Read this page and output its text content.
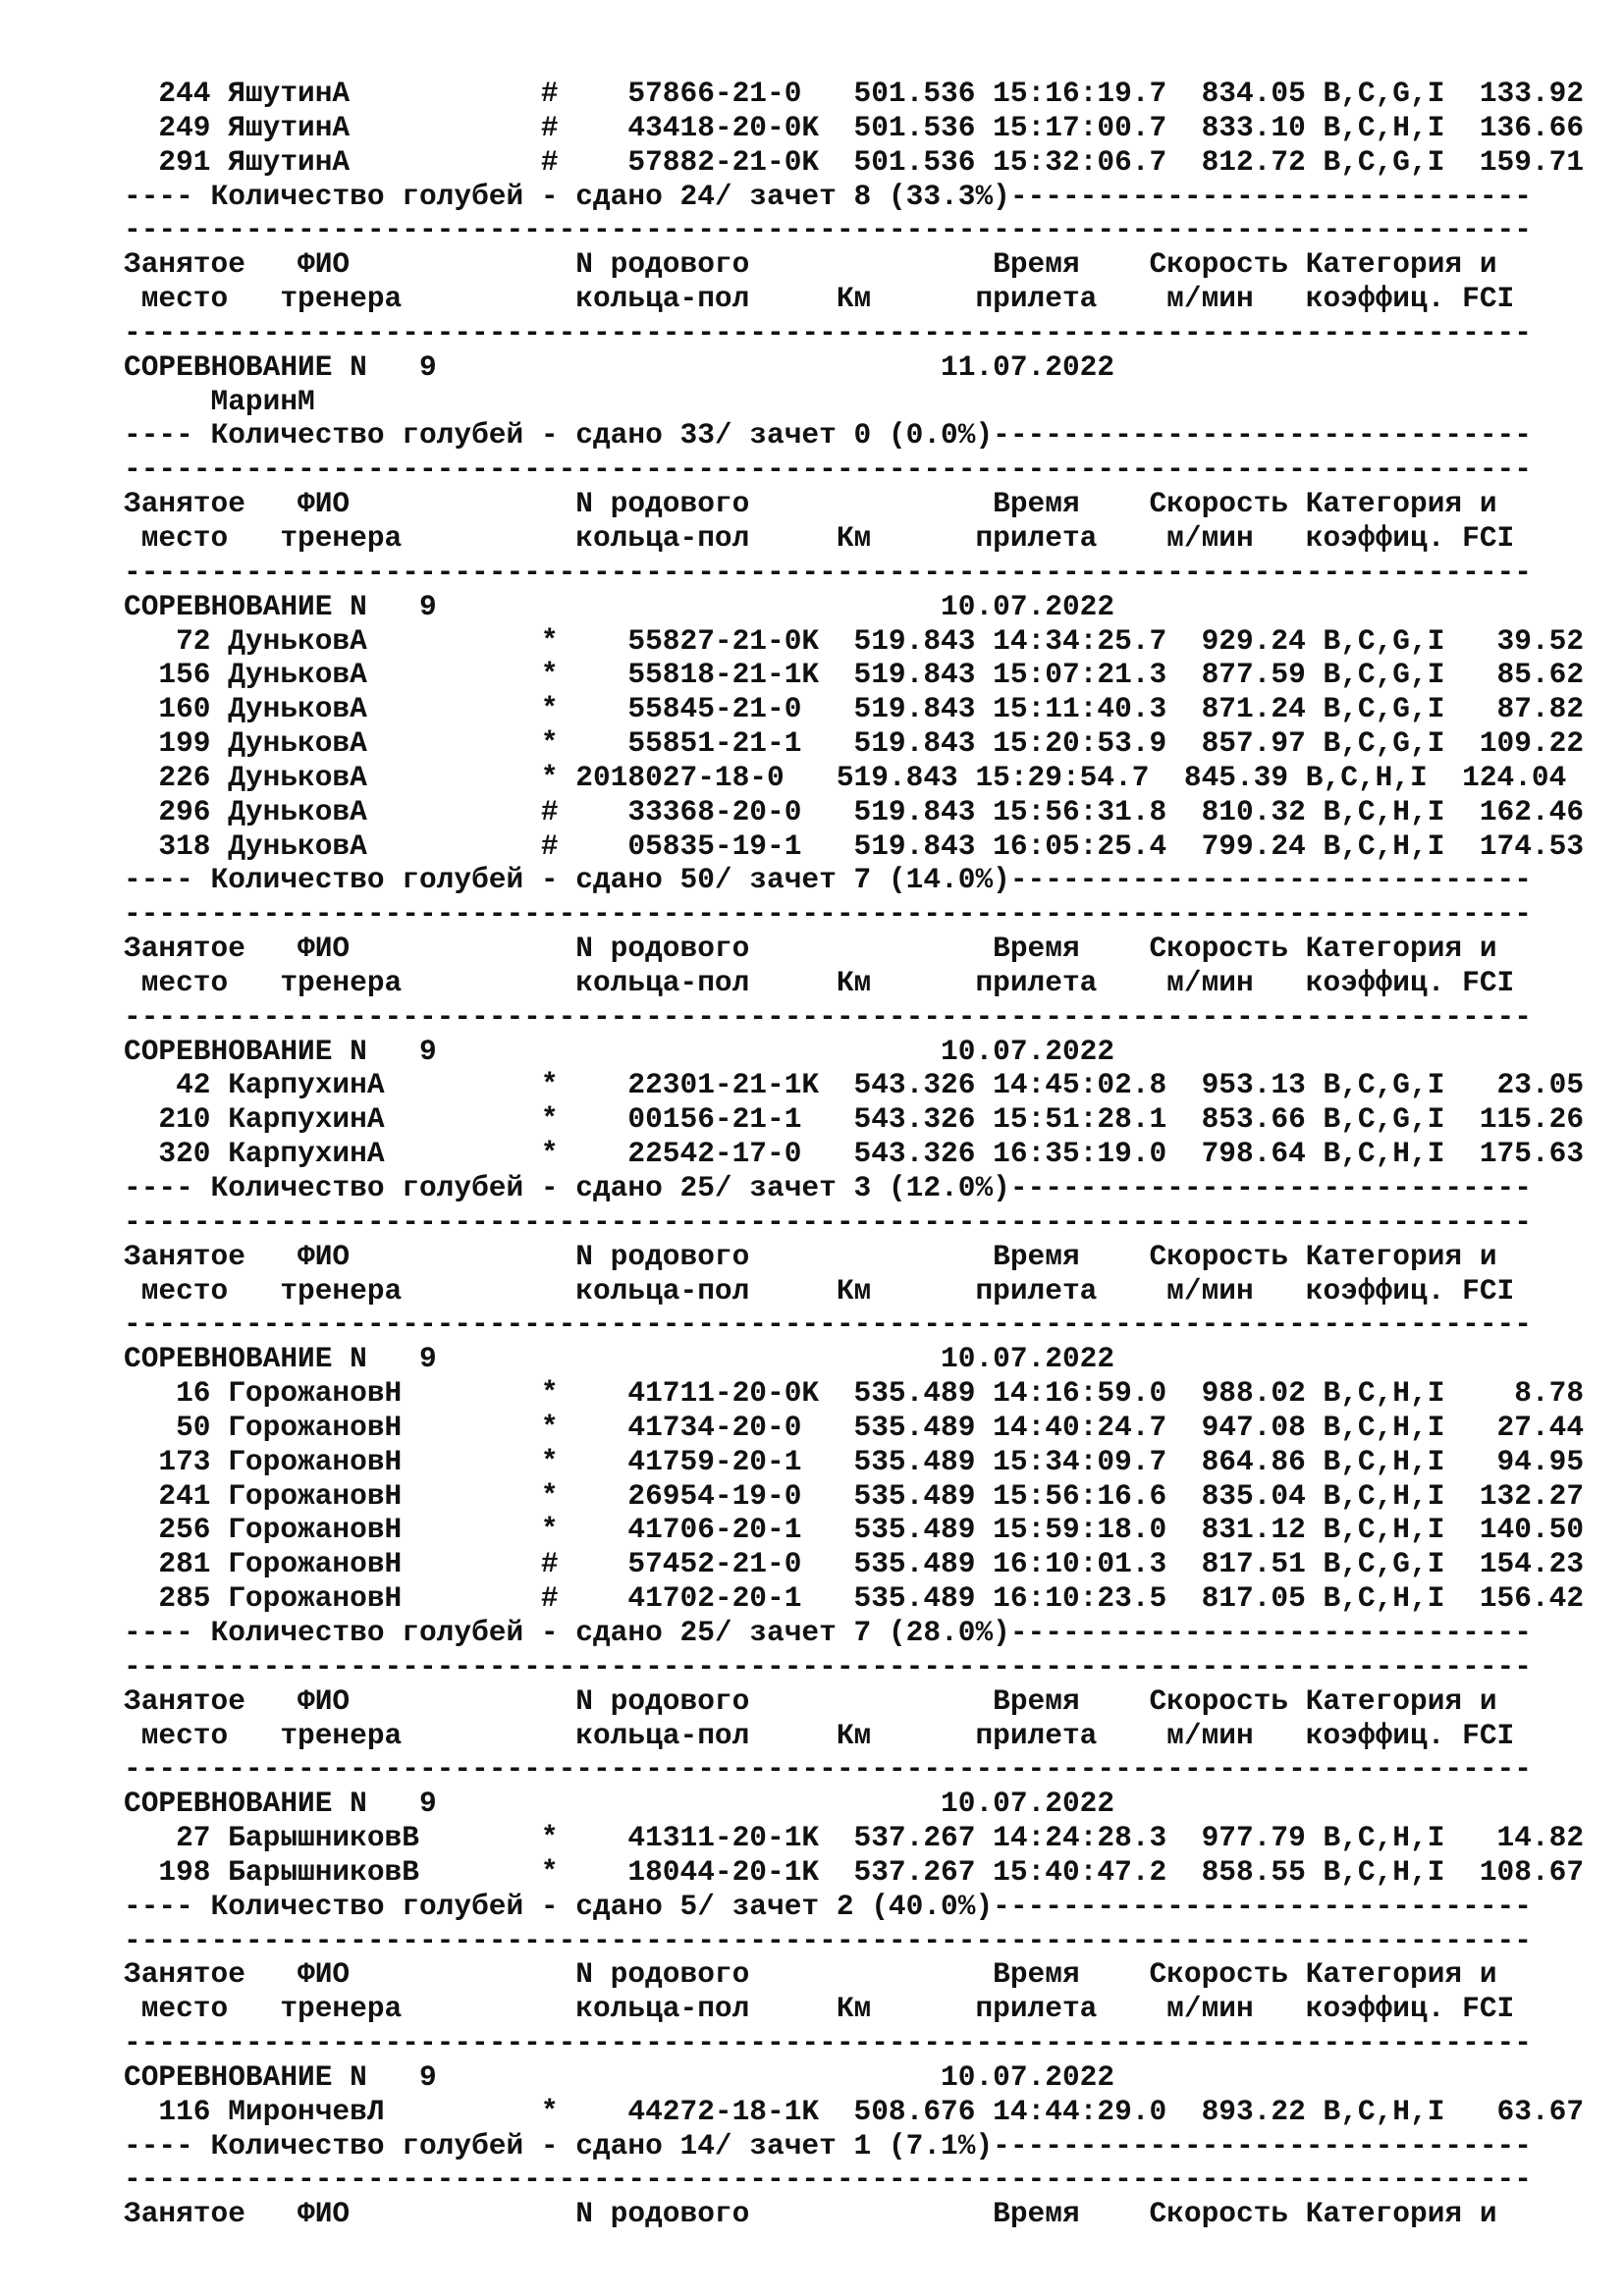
244 ЯшутинА           #    57866-21-0   501.536 15:16:19.7  834.05 B,C,G,I  133.92
249 ЯшутинА           #    43418-20-0K  501.536 15:17:00.7  833.10 B,C,H,I  136.66
291 ЯшутинА           #    57882-21-0K  501.536 15:32:06.7  812.72 B,C,G,I  159.71
---- Количество голубей - сдано 24/ зачет 8 (33.3%)------------------------------
---------------------------------------------------------------------------------
Занятое   ФИО             N родового              Время    Скорость Категория и
место   тренера          кольца-пол     Км      прилета    м/мин   коэффиц. FCI
---------------------------------------------------------------------------------
СОРЕВНОВАНИЕ N   9                             11.07.2022
МаринМ
---- Количество голубей - сдано 33/ зачет 0 (0.0%)-------------------------------
---------------------------------------------------------------------------------
Занятое   ФИО             N родового              Время    Скорость Категория и
место   тренера          кольца-пол     Км      прилета    м/мин   коэффиц. FCI
---------------------------------------------------------------------------------
СОРЕВНОВАНИЕ N   9                             10.07.2022
72 ДуньковА          *    55827-21-0K  519.843 14:34:25.7  929.24 B,C,G,I   39.52
156 ДуньковА          *    55818-21-1K  519.843 15:07:21.3  877.59 B,C,G,I   85.62
160 ДуньковА          *    55845-21-0   519.843 15:11:40.3  871.24 B,C,G,I   87.82
199 ДуньковА          *    55851-21-1   519.843 15:20:53.9  857.97 B,C,G,I  109.22
226 ДуньковА          * 2018027-18-0   519.843 15:29:54.7  845.39 B,C,H,I  124.04
296 ДуньковА          #    33368-20-0   519.843 15:56:31.8  810.32 B,C,H,I  162.46
318 ДуньковА          #    05835-19-1   519.843 16:05:25.4  799.24 B,C,H,I  174.53
---- Количество голубей - сдано 50/ зачет 7 (14.0%)------------------------------
---------------------------------------------------------------------------------
Занятое   ФИО             N родового              Время    Скорость Категория и
место   тренера          кольца-пол     Км      прилета    м/мин   коэффиц. FCI
---------------------------------------------------------------------------------
СОРЕВНОВАНИЕ N   9                             10.07.2022
42 КарпухинА         *    22301-21-1K  543.326 14:45:02.8  953.13 B,C,G,I   23.05
210 КарпухинА         *    00156-21-1   543.326 15:51:28.1  853.66 B,C,G,I  115.26
320 КарпухинА         *    22542-17-0   543.326 16:35:19.0  798.64 B,C,H,I  175.63
---- Количество голубей - сдано 25/ зачет 3 (12.0%)------------------------------
---------------------------------------------------------------------------------
Занятое   ФИО             N родового              Время    Скорость Категория и
место   тренера          кольца-пол     Км      прилета    м/мин   коэффиц. FCI
---------------------------------------------------------------------------------
СОРЕВНОВАНИЕ N   9                             10.07.2022
16 ГорожановН        *    41711-20-0K  535.489 14:16:59.0  988.02 B,C,H,I    8.78
50 ГорожановН        *    41734-20-0   535.489 14:40:24.7  947.08 B,C,H,I   27.44
173 ГорожановН        *    41759-20-1   535.489 15:34:09.7  864.86 B,C,H,I   94.95
241 ГорожановН        *    26954-19-0   535.489 15:56:16.6  835.04 B,C,H,I  132.27
256 ГорожановН        *    41706-20-1   535.489 15:59:18.0  831.12 B,C,H,I  140.50
281 ГорожановН        #    57452-21-0   535.489 16:10:01.3  817.51 B,C,G,I  154.23
285 ГорожановН        #    41702-20-1   535.489 16:10:23.5  817.05 B,C,H,I  156.42
---- Количество голубей - сдано 25/ зачет 7 (28.0%)------------------------------
---------------------------------------------------------------------------------
Занятое   ФИО             N родового              Время    Скорость Категория и
место   тренера          кольца-пол     Км      прилета    м/мин   коэффиц. FCI
---------------------------------------------------------------------------------
СОРЕВНОВАНИЕ N   9                             10.07.2022
27 БарышниковВ       *    41311-20-1K  537.267 14:24:28.3  977.79 B,C,H,I   14.82
198 БарышниковВ       *    18044-20-1K  537.267 15:40:47.2  858.55 B,C,H,I  108.67
---- Количество голубей - сдано 5/ зачет 2 (40.0%)-------------------------------
---------------------------------------------------------------------------------
Занятое   ФИО             N родового              Время    Скорость Категория и
место   тренера          кольца-пол     Км      прилета    м/мин   коэффиц. FCI
---------------------------------------------------------------------------------
СОРЕВНОВАНИЕ N   9                             10.07.2022
116 МирончевЛ         *    44272-18-1K  508.676 14:44:29.0  893.22 B,C,H,I   63.67
---- Количество голубей - сдано 14/ зачет 1 (7.1%)-------------------------------
---------------------------------------------------------------------------------
Занятое   ФИО             N родового              Время    Скорость Категория и
